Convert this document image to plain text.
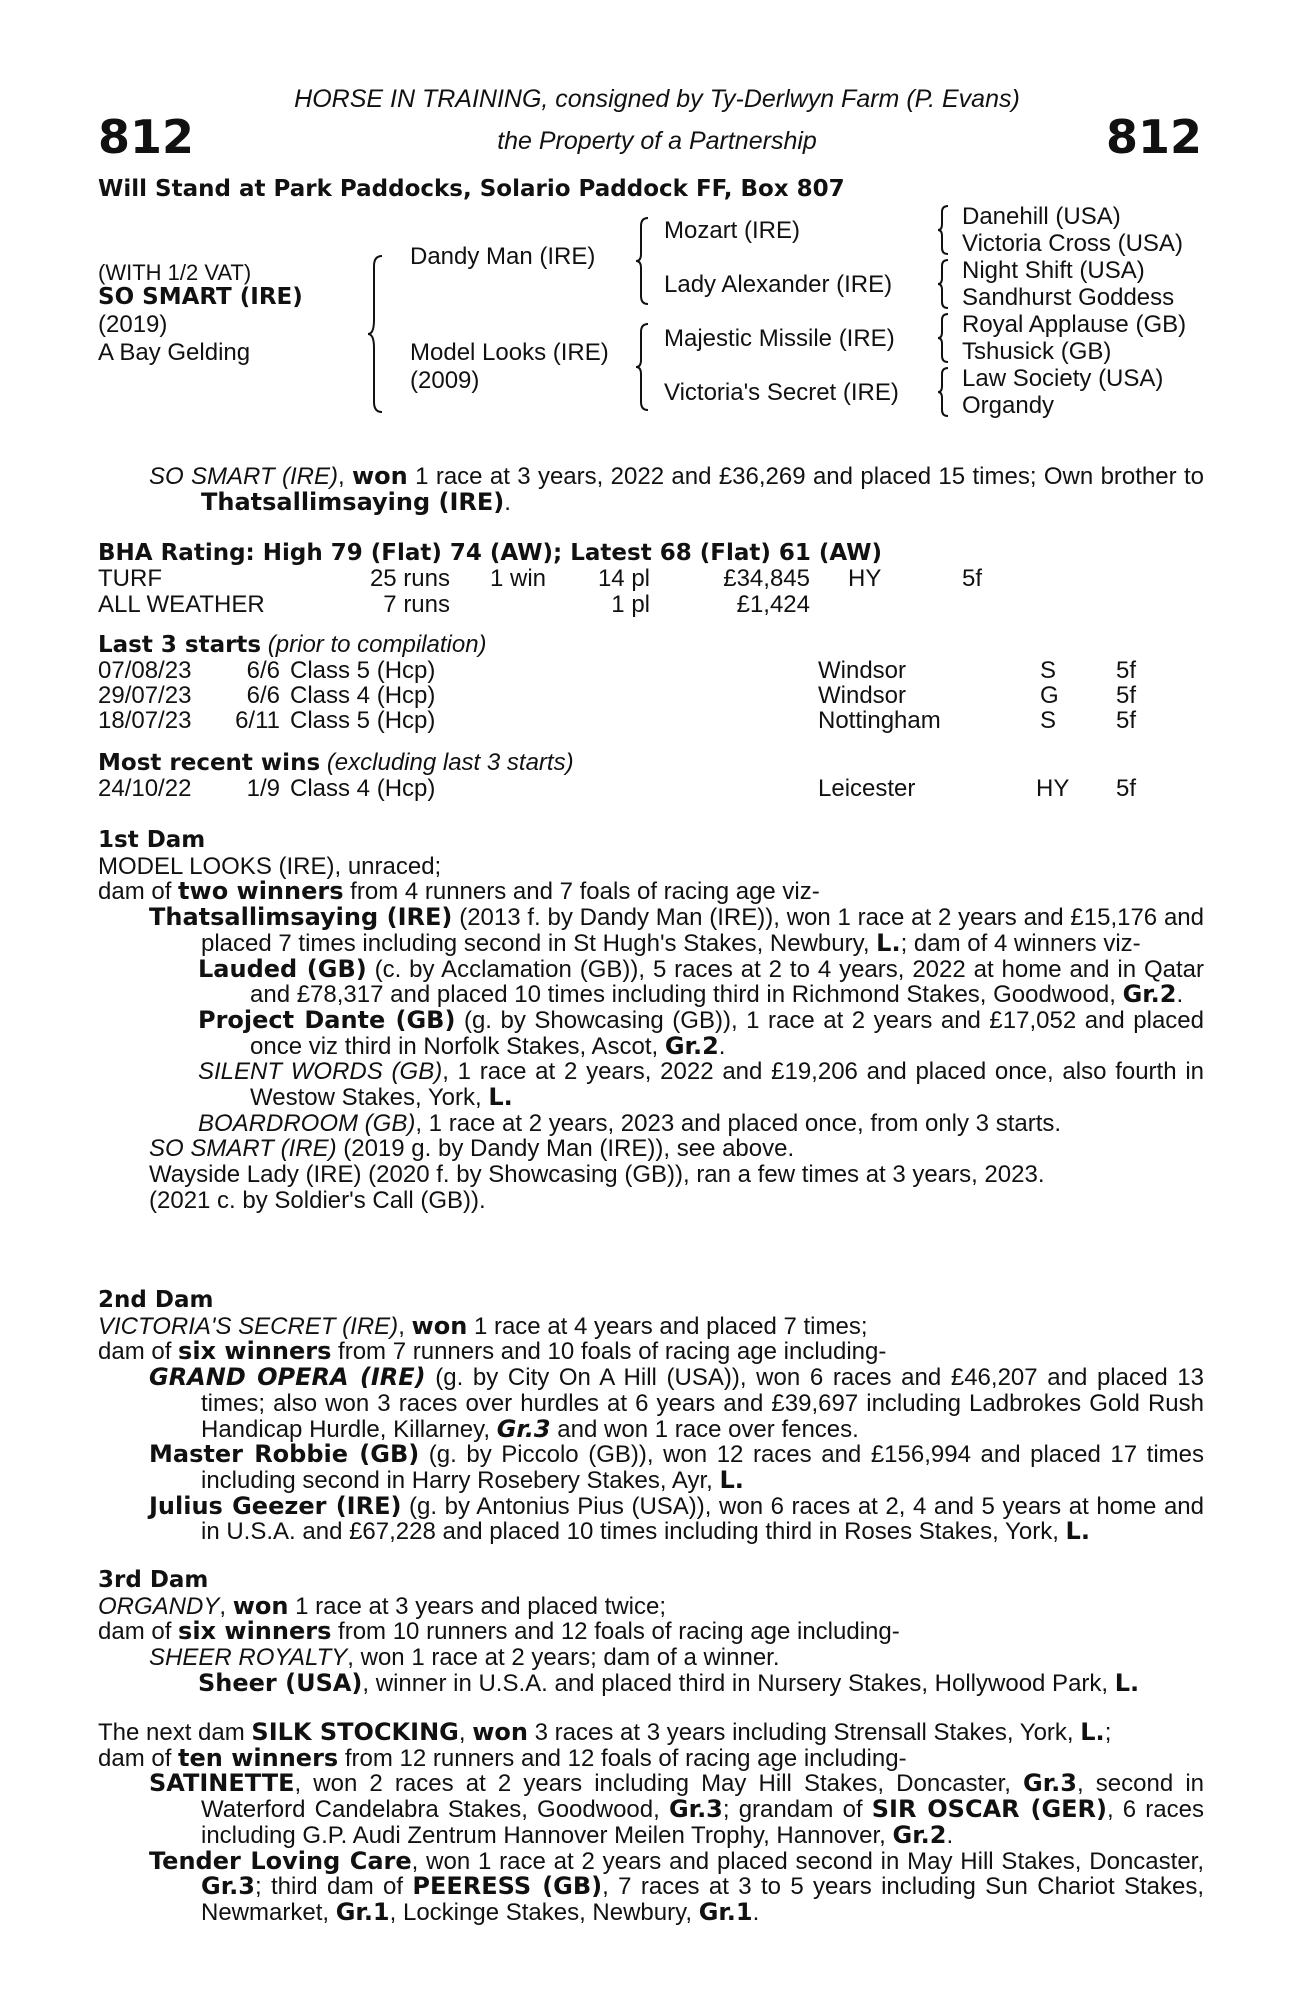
812	812
HORSE IN TRAINING, consigned by Ty-Derlwyn Farm (P. Evans)
the Property of a Partnership
Will Stand at Park Paddocks, Solario Paddock FF, Box 807
(WITH 1/2 VAT)
SO SMART (IRE)
(2019)
A Bay Gelding
Dandy Man (IRE)
Model Looks (IRE)
(2009)
Mozart (IRE)
Lady Alexander (IRE)
Majestic Missile (IRE)
Victoria's Secret (IRE)
Danehill (USA)
Victoria Cross (USA)
Night Shift (USA)
Sandhurst Goddess
Royal Applause (GB)
Tshusick (GB)
Law Society (USA)
Organdy

SO SMART (IRE), won 1 race at 3 years, 2022 and £36,269 and placed 15 times; Own brother to Thatsallimsaying (IRE).

BHA Rating: High 79 (Flat) 74 (AW); Latest 68 (Flat) 61 (AW)
TURF	25 runs 1 win	14 pl	£34,845 HY	5f
ALL WEATHER	7 runs	1 pl	£1,424
Last 3 starts (prior to compilation)
07/08/23	6/6 Class 5 (Hcp)	Windsor	S 5f
29/07/23	6/6 Class 4 (Hcp)	Windsor	G 5f
18/07/23	6/11 Class 5 (Hcp)	Nottingham	S 5f
Most recent wins (excluding last 3 starts)
24/10/22	1/9 Class 4 (Hcp)	Leicester	HY 5f

1st Dam

MODEL LOOKS (IRE), unraced;

dam of two winners from 4 runners and 7 foals of racing age viz-

Thatsallimsaying (IRE) (2013 f. by Dandy Man (IRE)), won 1 race at 2 years and £15,176 and placed 7 times including second in St Hugh's Stakes, Newbury, L.; dam of 4 winners viz-

Lauded (GB) (c. by Acclamation (GB)), 5 races at 2 to 4 years, 2022 at home and in Qatar and £78,317 and placed 10 times including third in Richmond Stakes, Goodwood, Gr.2.

Project Dante (GB) (g. by Showcasing (GB)), 1 race at 2 years and £17,052 and placed once viz third in Norfolk Stakes, Ascot, Gr.2.

SILENT WORDS (GB), 1 race at 2 years, 2022 and £19,206 and placed once, also fourth in Westow Stakes, York, L.

BOARDROOM (GB), 1 race at 2 years, 2023 and placed once, from only 3 starts.

SO SMART (IRE) (2019 g. by Dandy Man (IRE)), see above.

Wayside Lady (IRE) (2020 f. by Showcasing (GB)), ran a few times at 3 years, 2023.

(2021 c. by Soldier's Call (GB)).

2nd Dam

VICTORIA'S SECRET (IRE), won 1 race at 4 years and placed 7 times;

dam of six winners from 7 runners and 10 foals of racing age including-

GRAND OPERA (IRE) (g. by City On A Hill (USA)), won 6 races and £46,207 and placed 13 times; also won 3 races over hurdles at 6 years and £39,697 including Ladbrokes Gold Rush Handicap Hurdle, Killarney, Gr.3 and won 1 race over fences.

Master Robbie (GB) (g. by Piccolo (GB)), won 12 races and £156,994 and placed 17 times including second in Harry Rosebery Stakes, Ayr, L.

Julius Geezer (IRE) (g. by Antonius Pius (USA)), won 6 races at 2, 4 and 5 years at home and in U.S.A. and £67,228 and placed 10 times including third in Roses Stakes, York, L.

3rd Dam

ORGANDY, won 1 race at 3 years and placed twice;

dam of six winners from 10 runners and 12 foals of racing age including-

SHEER ROYALTY, won 1 race at 2 years; dam of a winner.

Sheer (USA), winner in U.S.A. and placed third in Nursery Stakes, Hollywood Park, L.

The next dam SILK STOCKING, won 3 races at 3 years including Strensall Stakes, York, L.;

dam of ten winners from 12 runners and 12 foals of racing age including-

SATINETTE, won 2 races at 2 years including May Hill Stakes, Doncaster, Gr.3, second in Waterford Candelabra Stakes, Goodwood, Gr.3; grandam of SIR OSCAR (GER), 6 races including G.P. Audi Zentrum Hannover Meilen Trophy, Hannover, Gr.2.

Tender Loving Care, won 1 race at 2 years and placed second in May Hill Stakes, Doncaster, Gr.3; third dam of PEERESS (GB), 7 races at 3 to 5 years including Sun Chariot Stakes, Newmarket, Gr.1, Lockinge Stakes, Newbury, Gr.1.
